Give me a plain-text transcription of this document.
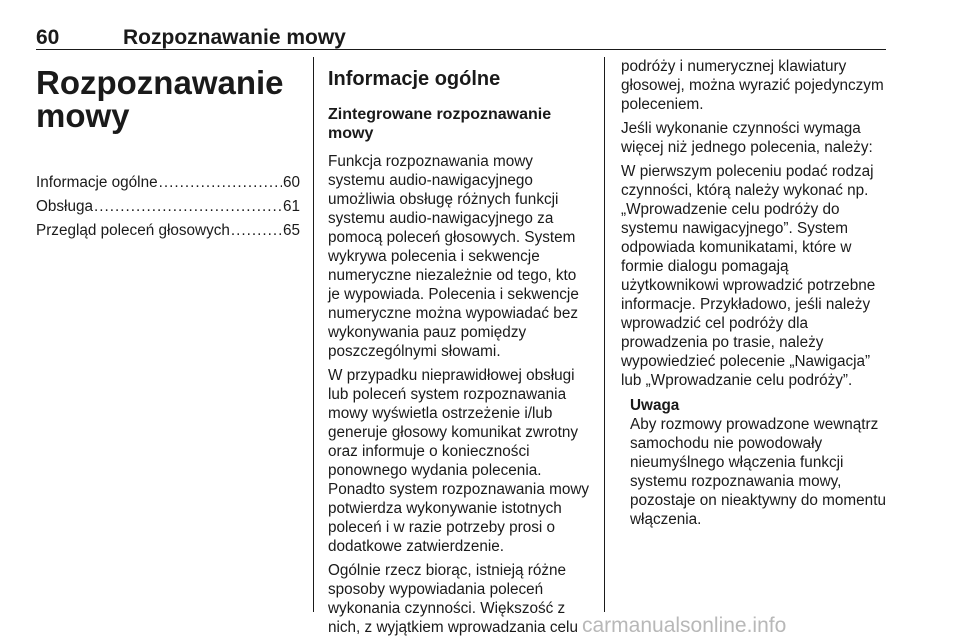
60	Rozpoznawanie mowy
Rozpoznawanie mowy
Informacje ogólne .....	60
Obsługa .....	61
Przegląd poleceń głosowych .....	65
Informacje ogólne
Zintegrowane rozpoznawanie mowy

Funkcja rozpoznawania mowy systemu audio-nawigacyjnego umożliwia obsługę różnych funkcji systemu audio-nawigacyjnego za pomocą poleceń głosowych. System wykrywa polecenia i sekwencje numeryczne niezależnie od tego, kto je wypowiada. Polecenia i sekwencje numeryczne można wypowiadać bez wykonywania pauz pomiędzy poszczególnymi słowami.

W przypadku nieprawidłowej obsługi lub poleceń system rozpoznawania mowy wyświetla ostrzeżenie i/lub generuje głosowy komunikat zwrotny oraz informuje o konieczności ponownego wydania polecenia. Ponadto system rozpoznawania mowy potwierdza wykonywanie istotnych poleceń i w razie potrzeby prosi o dodatkowe zatwierdzenie.

Ogólnie rzecz biorąc, istnieją różne sposoby wypowiadania poleceń wykonania czynności. Większość z nich, z wyjątkiem wprowadzania celu

podróży i numerycznej klawiatury głosowej, można wyrazić pojedynczym poleceniem.

Jeśli wykonanie czynności wymaga więcej niż jednego polecenia, należy:

W pierwszym poleceniu podać rodzaj czynności, którą należy wykonać np. „Wprowadzenie celu podróży do systemu nawigacyjnego”. System odpowiada komunikatami, które w formie dialogu pomagają użytkownikowi wprowadzić potrzebne informacje. Przykładowo, jeśli należy wprowadzić cel podróży dla prowadzenia po trasie, należy wypowiedzieć polecenie „Nawigacja” lub „Wprowadzanie celu podróży”.

Uwaga
Aby rozmowy prowadzone wewnątrz samochodu nie powodowały nieumyślnego włączenia funkcji systemu rozpoznawania mowy, pozostaje on nieaktywny do momentu włączenia.
carmanualsonline.info
